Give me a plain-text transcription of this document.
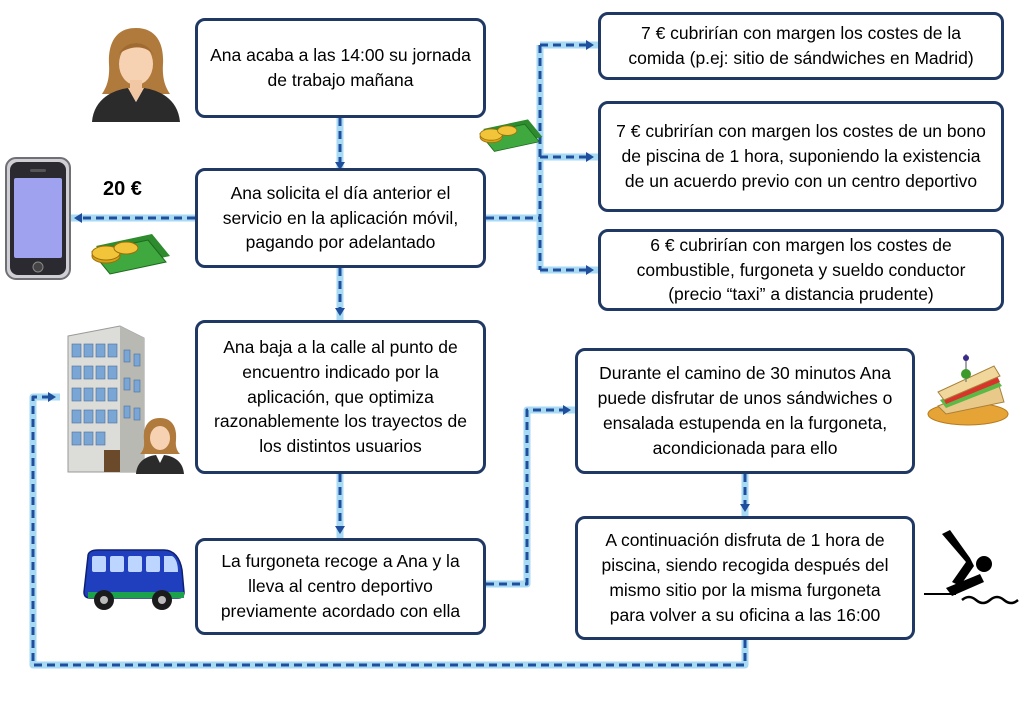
Ana acaba a las 14:00 su jornada de trabajo mañana
Ana solicita el día anterior el servicio en la aplicación móvil, pagando por adelantado
Ana baja a la calle al punto de encuentro indicado por la aplicación, que optimiza razonablemente los trayectos de los distintos usuarios
La furgoneta recoge a Ana y la lleva al centro deportivo previamente acordado con ella
7 € cubrirían con margen los costes de la comida (p.ej: sitio de sándwiches en Madrid)
7 € cubrirían con margen los costes de un bono de piscina de 1 hora, suponiendo la existencia de un acuerdo previo con un centro deportivo
6 € cubrirían con margen los costes de combustible, furgoneta y sueldo conductor (precio “taxi” a distancia prudente)
Durante el camino de 30 minutos Ana puede disfrutar de unos sándwiches o ensalada estupenda en la furgoneta, acondicionada para ello
A continuación disfruta de 1 hora de piscina, siendo recogida después del mismo sitio por la misma furgoneta para volver a su oficina a las 16:00
20 €
